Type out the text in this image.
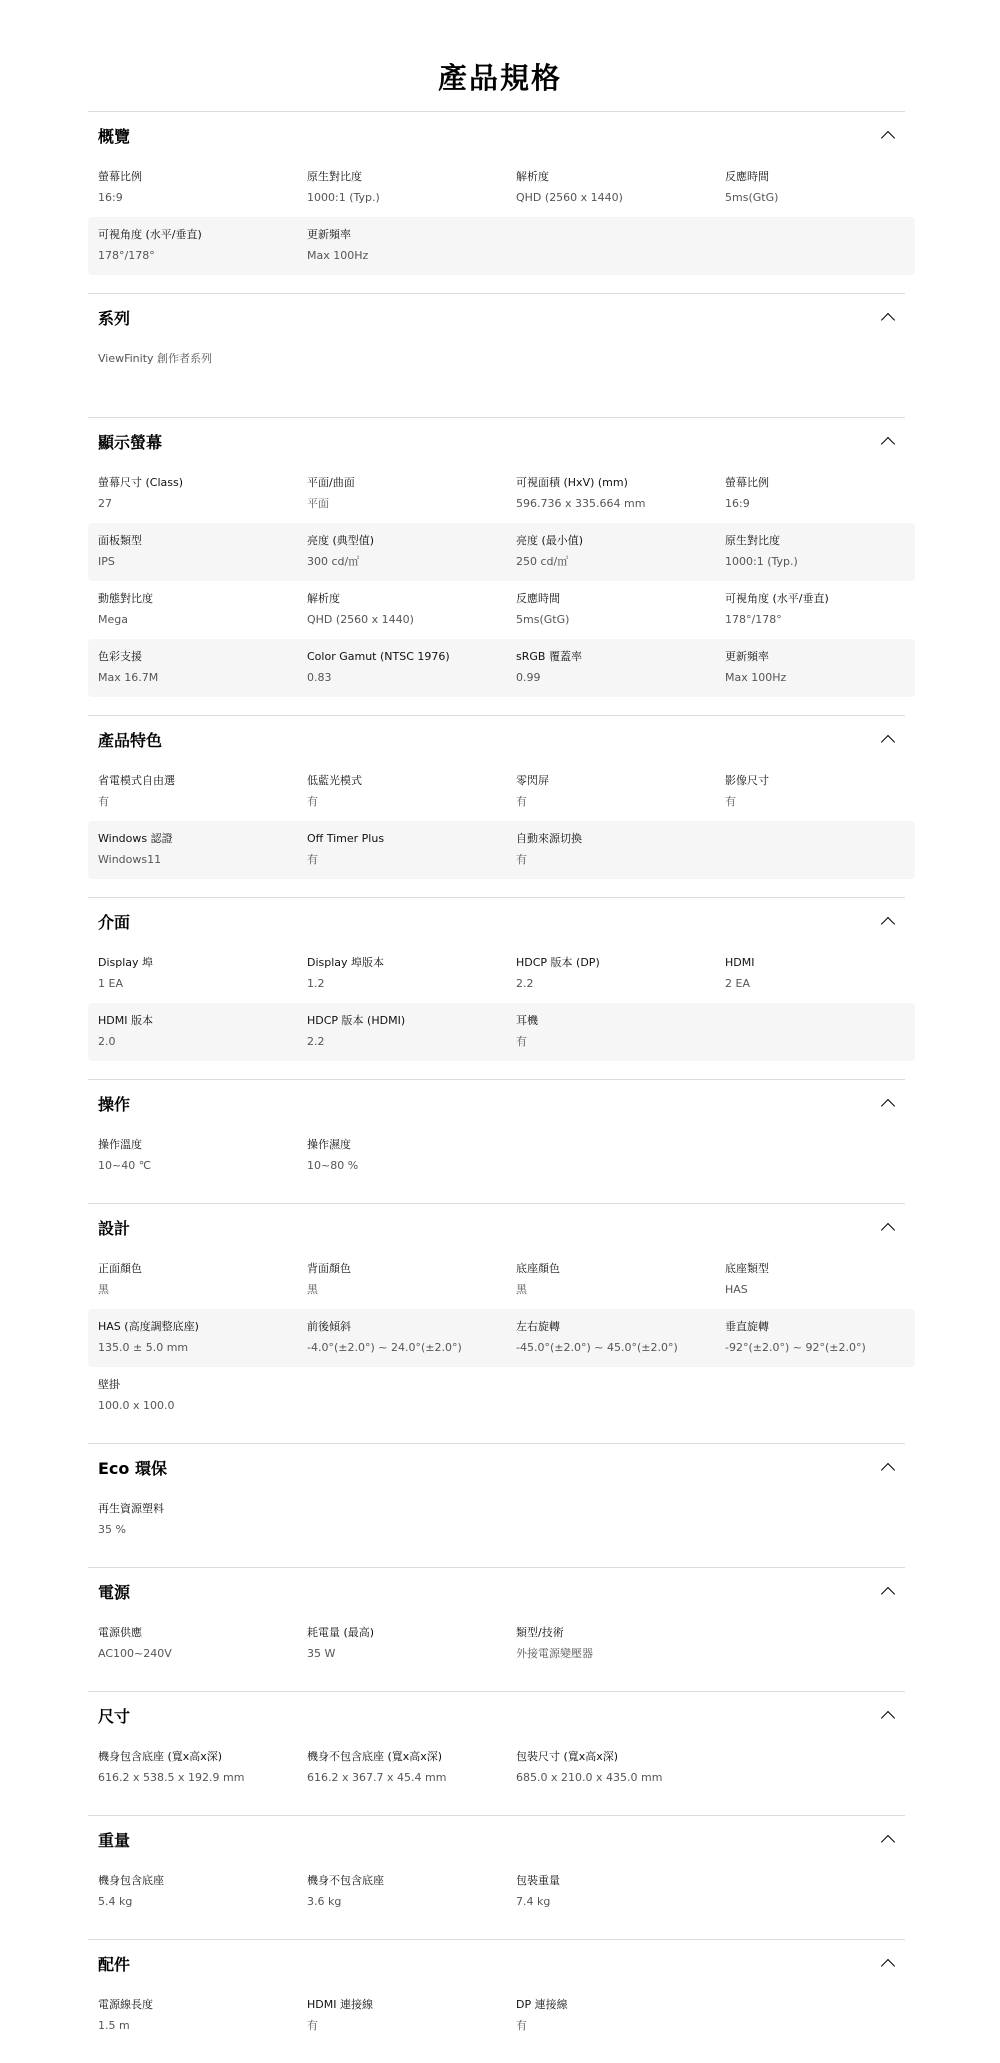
產品規格
概覽
螢幕比例
16:9
原生對比度
1000:1 (Typ.)
解析度
QHD (2560 x 1440)
反應時間
5ms(GtG)
可視角度 (水平/垂直)
178°/178°
更新頻率
Max 100Hz
系列
ViewFinity 創作者系列
顯示螢幕
螢幕尺寸 (Class)
27
平面/曲面
平面
可視面積 (HxV) (mm)
596.736 x 335.664 mm
螢幕比例
16:9
面板類型
IPS
亮度 (典型值)
300 cd/㎡
亮度 (最小值)
250 cd/㎡
原生對比度
1000:1 (Typ.)
動態對比度
Mega
解析度
QHD (2560 x 1440)
反應時間
5ms(GtG)
可視角度 (水平/垂直)
178°/178°
色彩支援
Max 16.7M
Color Gamut (NTSC 1976)
0.83
sRGB 覆蓋率
0.99
更新頻率
Max 100Hz
產品特色
省電模式自由選
有
低藍光模式
有
零閃屏
有
影像尺寸
有
Windows 認證
Windows11
Off Timer Plus
有
自動來源切換
有
介面
Display 埠
1 EA
Display 埠版本
1.2
HDCP 版本 (DP)
2.2
HDMI
2 EA
HDMI 版本
2.0
HDCP 版本 (HDMI)
2.2
耳機
有
操作
操作溫度
10~40 ℃
操作濕度
10~80 %
設計
正面顏色
黑
背面顏色
黑
底座顏色
黑
底座類型
HAS
HAS (高度調整底座)
135.0 ± 5.0 mm
前後傾斜
-4.0°(±2.0°) ~ 24.0°(±2.0°)
左右旋轉
-45.0°(±2.0°) ~ 45.0°(±2.0°)
垂直旋轉
-92°(±2.0°) ~ 92°(±2.0°)
壁掛
100.0 x 100.0
Eco 環保
再生資源塑料
35 %
電源
電源供應
AC100~240V
耗電量 (最高)
35 W
類型/技術
外接電源變壓器
尺寸
機身包含底座 (寬x高x深)
616.2 x 538.5 x 192.9 mm
機身不包含底座 (寬x高x深)
616.2 x 367.7 x 45.4 mm
包裝尺寸 (寬x高x深)
685.0 x 210.0 x 435.0 mm
重量
機身包含底座
5.4 kg
機身不包含底座
3.6 kg
包裝重量
7.4 kg
配件
電源線長度
1.5 m
HDMI 連接線
有
DP 連接線
有
